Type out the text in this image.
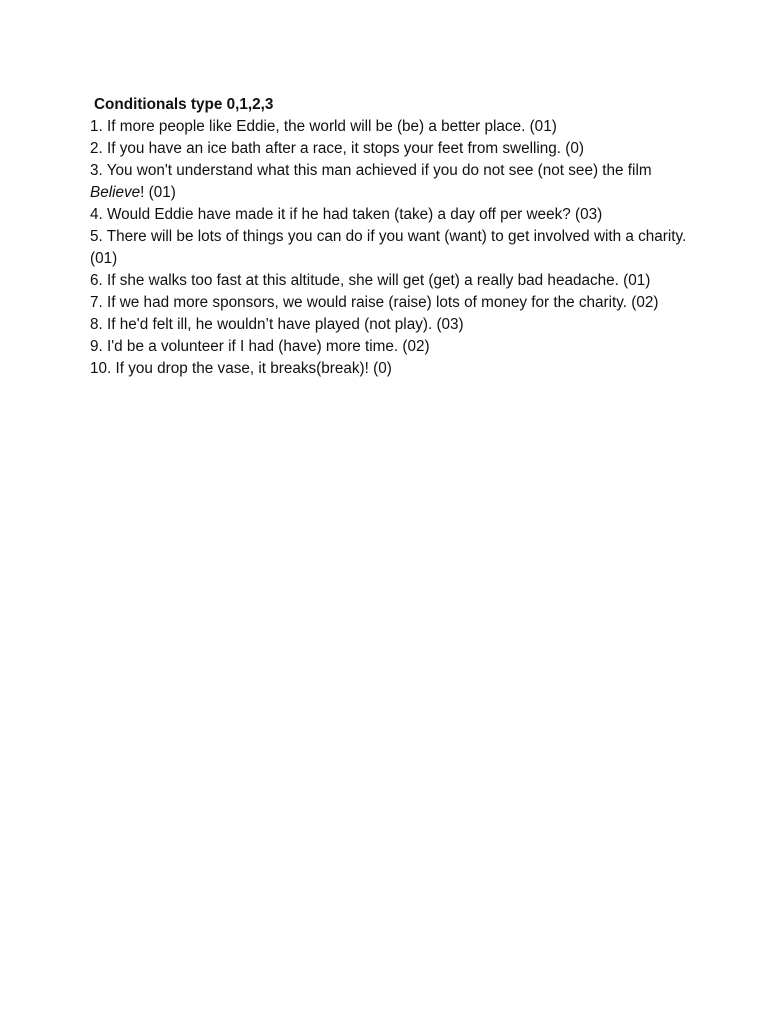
Conditionals type 0,1,2,3

1. If more people like Eddie, the world will be (be) a better place. (01)

2. If you have an ice bath after a race, it stops your feet from swelling. (0)

3. You won't understand what this man achieved if you do not see (not see) the film Believe! (01)

4. Would Eddie have made it if he had taken (take) a day off per week? (03)

5. There will be lots of things you can do if you want (want) to get involved with a charity. (01)

6. If she walks too fast at this altitude, she will get (get) a really bad headache. (01)

7. If we had more sponsors, we would raise (raise) lots of money for the charity. (02)

8. If he'd felt ill, he wouldn’t have played (not play). (03)

9. I'd be a volunteer if I had (have) more time. (02)

10. If you drop the vase, it breaks(break)! (0)
